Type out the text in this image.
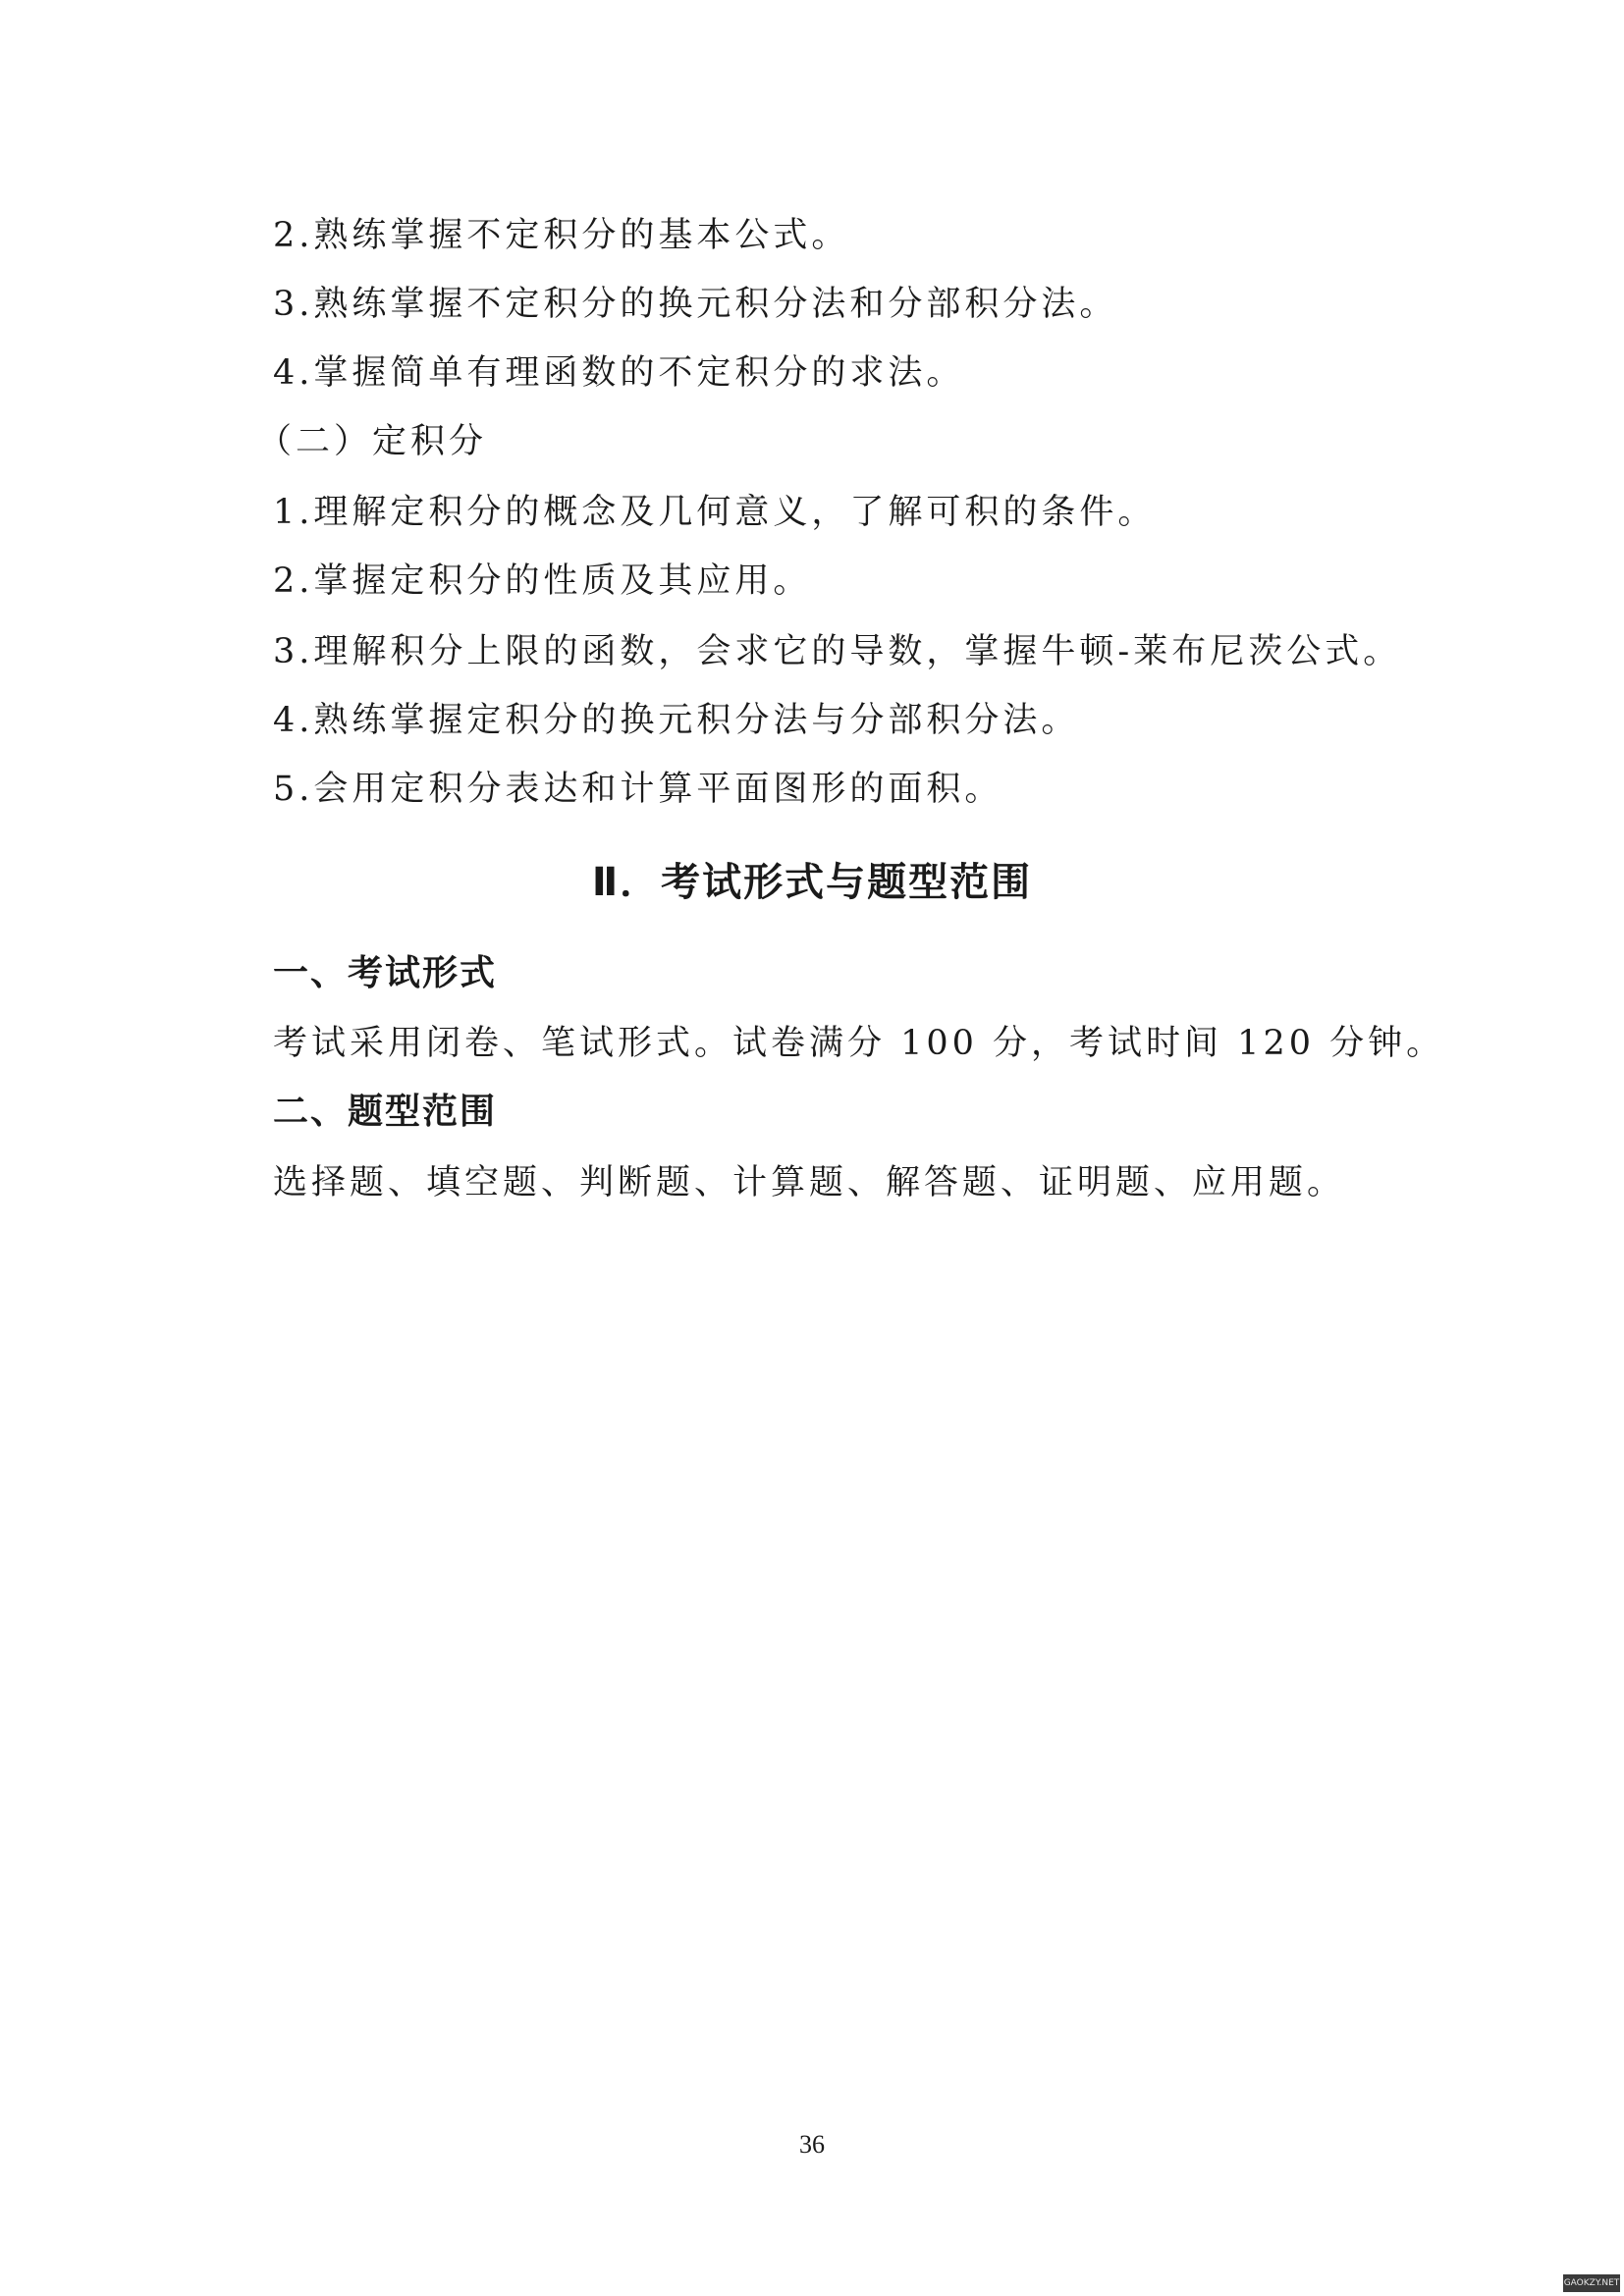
2.熟练掌握不定积分的基本公式。
3.熟练掌握不定积分的换元积分法和分部积分法。
4.掌握简单有理函数的不定积分的求法。
（二）定积分
1.理解定积分的概念及几何意义，了解可积的条件。
2.掌握定积分的性质及其应用。
3.理解积分上限的函数，会求它的导数，掌握牛顿-莱布尼茨公式。
4.熟练掌握定积分的换元积分法与分部积分法。
5.会用定积分表达和计算平面图形的面积。
Ⅱ．考试形式与题型范围
一、考试形式
考试采用闭卷、笔试形式。试卷满分 100 分，考试时间 120 分钟。
二、题型范围
选择题、填空题、判断题、计算题、解答题、证明题、应用题。
36
GAOKZY.NET
